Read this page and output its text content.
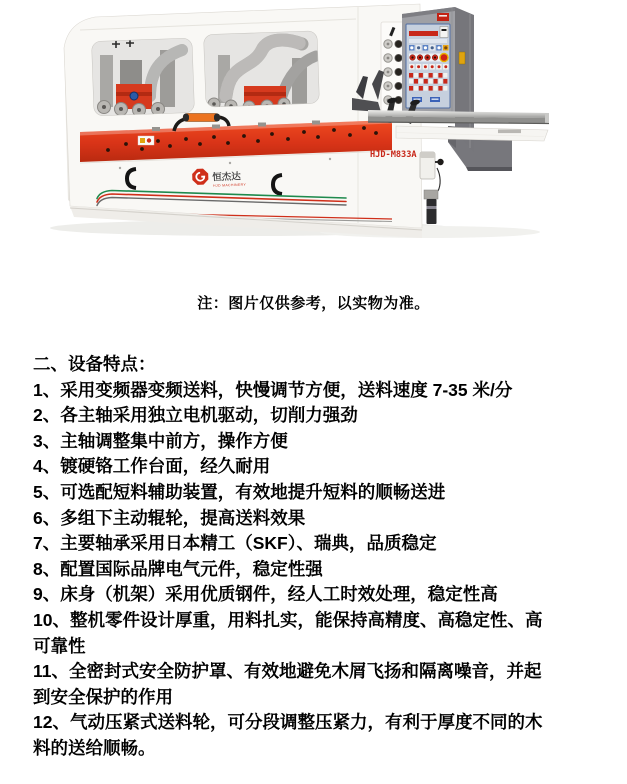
恒杰达
HJD MACHINERY
HJD-M833A

注：图片仅供参考，以实物为准。

二、设备特点：
1、采用变频器变频送料，快慢调节方便，送料速度 7-35 米/分
2、各主轴采用独立电机驱动，切削力强劲
3、主轴调整集中前方，操作方便
4、镀硬铬工作台面，经久耐用
5、可选配短料辅助装置，有效地提升短料的顺畅送进
6、多组下主动辊轮，提高送料效果
7、主要轴承采用日本精工（SKF）、瑞典，品质稳定
8、配置国际品牌电气元件，稳定性强
9、床身（机架）采用优质钢件，经人工时效处理，稳定性高
10、整机零件设计厚重，用料扎实，能保持高精度、高稳定性、高可靠性
11、全密封式安全防护罩、有效地避免木屑飞扬和隔离噪音，并起到安全保护的作用
12、气动压紧式送料轮，可分段调整压紧力，有利于厚度不同的木料的送给顺畅。
